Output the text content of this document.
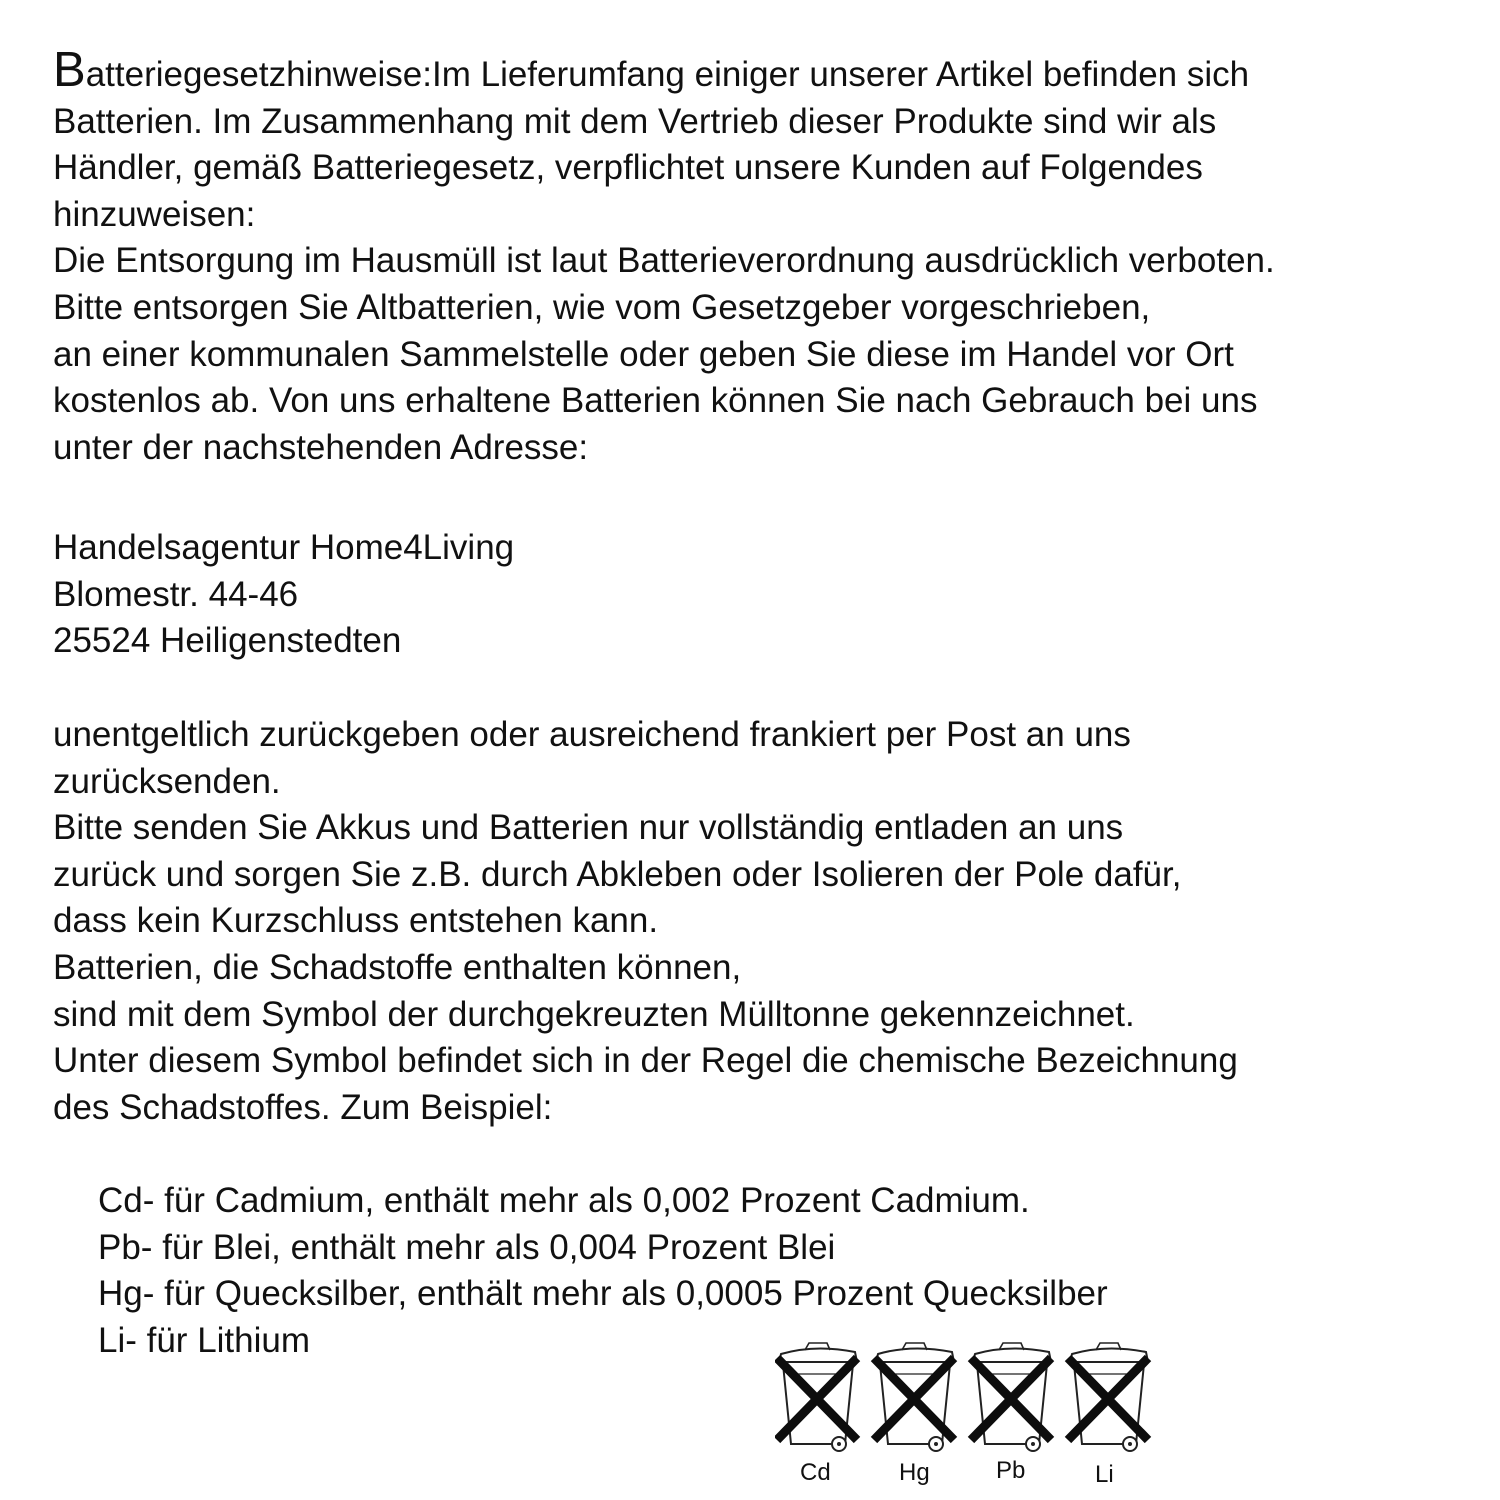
Batteriegesetzhinweise:Im Lieferumfang einiger unserer Artikel befinden sich
Batterien. Im Zusammenhang mit dem Vertrieb dieser Produkte sind wir als
Händler, gemäß Batteriegesetz, verpflichtet unsere Kunden auf Folgendes
hinzuweisen:
Die Entsorgung im Hausmüll ist laut Batterieverordnung ausdrücklich verboten.
Bitte entsorgen Sie Altbatterien, wie vom Gesetzgeber vorgeschrieben,
an einer kommunalen Sammelstelle oder geben Sie diese im Handel vor Ort
kostenlos ab. Von uns erhaltene Batterien können Sie nach Gebrauch bei uns
unter der nachstehenden Adresse:

Handelsagentur Home4Living
Blomestr. 44-46
25524 Heiligenstedten

unentgeltlich zurückgeben oder ausreichend frankiert per Post an uns
zurücksenden.
Bitte senden Sie Akkus und Batterien nur vollständig entladen an uns
zurück und sorgen Sie z.B. durch Abkleben oder Isolieren der Pole dafür,
dass kein Kurzschluss entstehen kann.
Batterien, die Schadstoffe enthalten können,
sind mit dem Symbol der durchgekreuzten Mülltonne gekennzeichnet.
Unter diesem Symbol befindet sich in der Regel die chemische Bezeichnung
des Schadstoffes. Zum Beispiel:

Cd- für Cadmium, enthält mehr als 0,002 Prozent Cadmium.
Pb- für Blei, enthält mehr als 0,004 Prozent Blei
Hg- für Quecksilber, enthält mehr als 0,0005 Prozent Quecksilber
Li- für Lithium

Cd	Hg	Pb	Li
